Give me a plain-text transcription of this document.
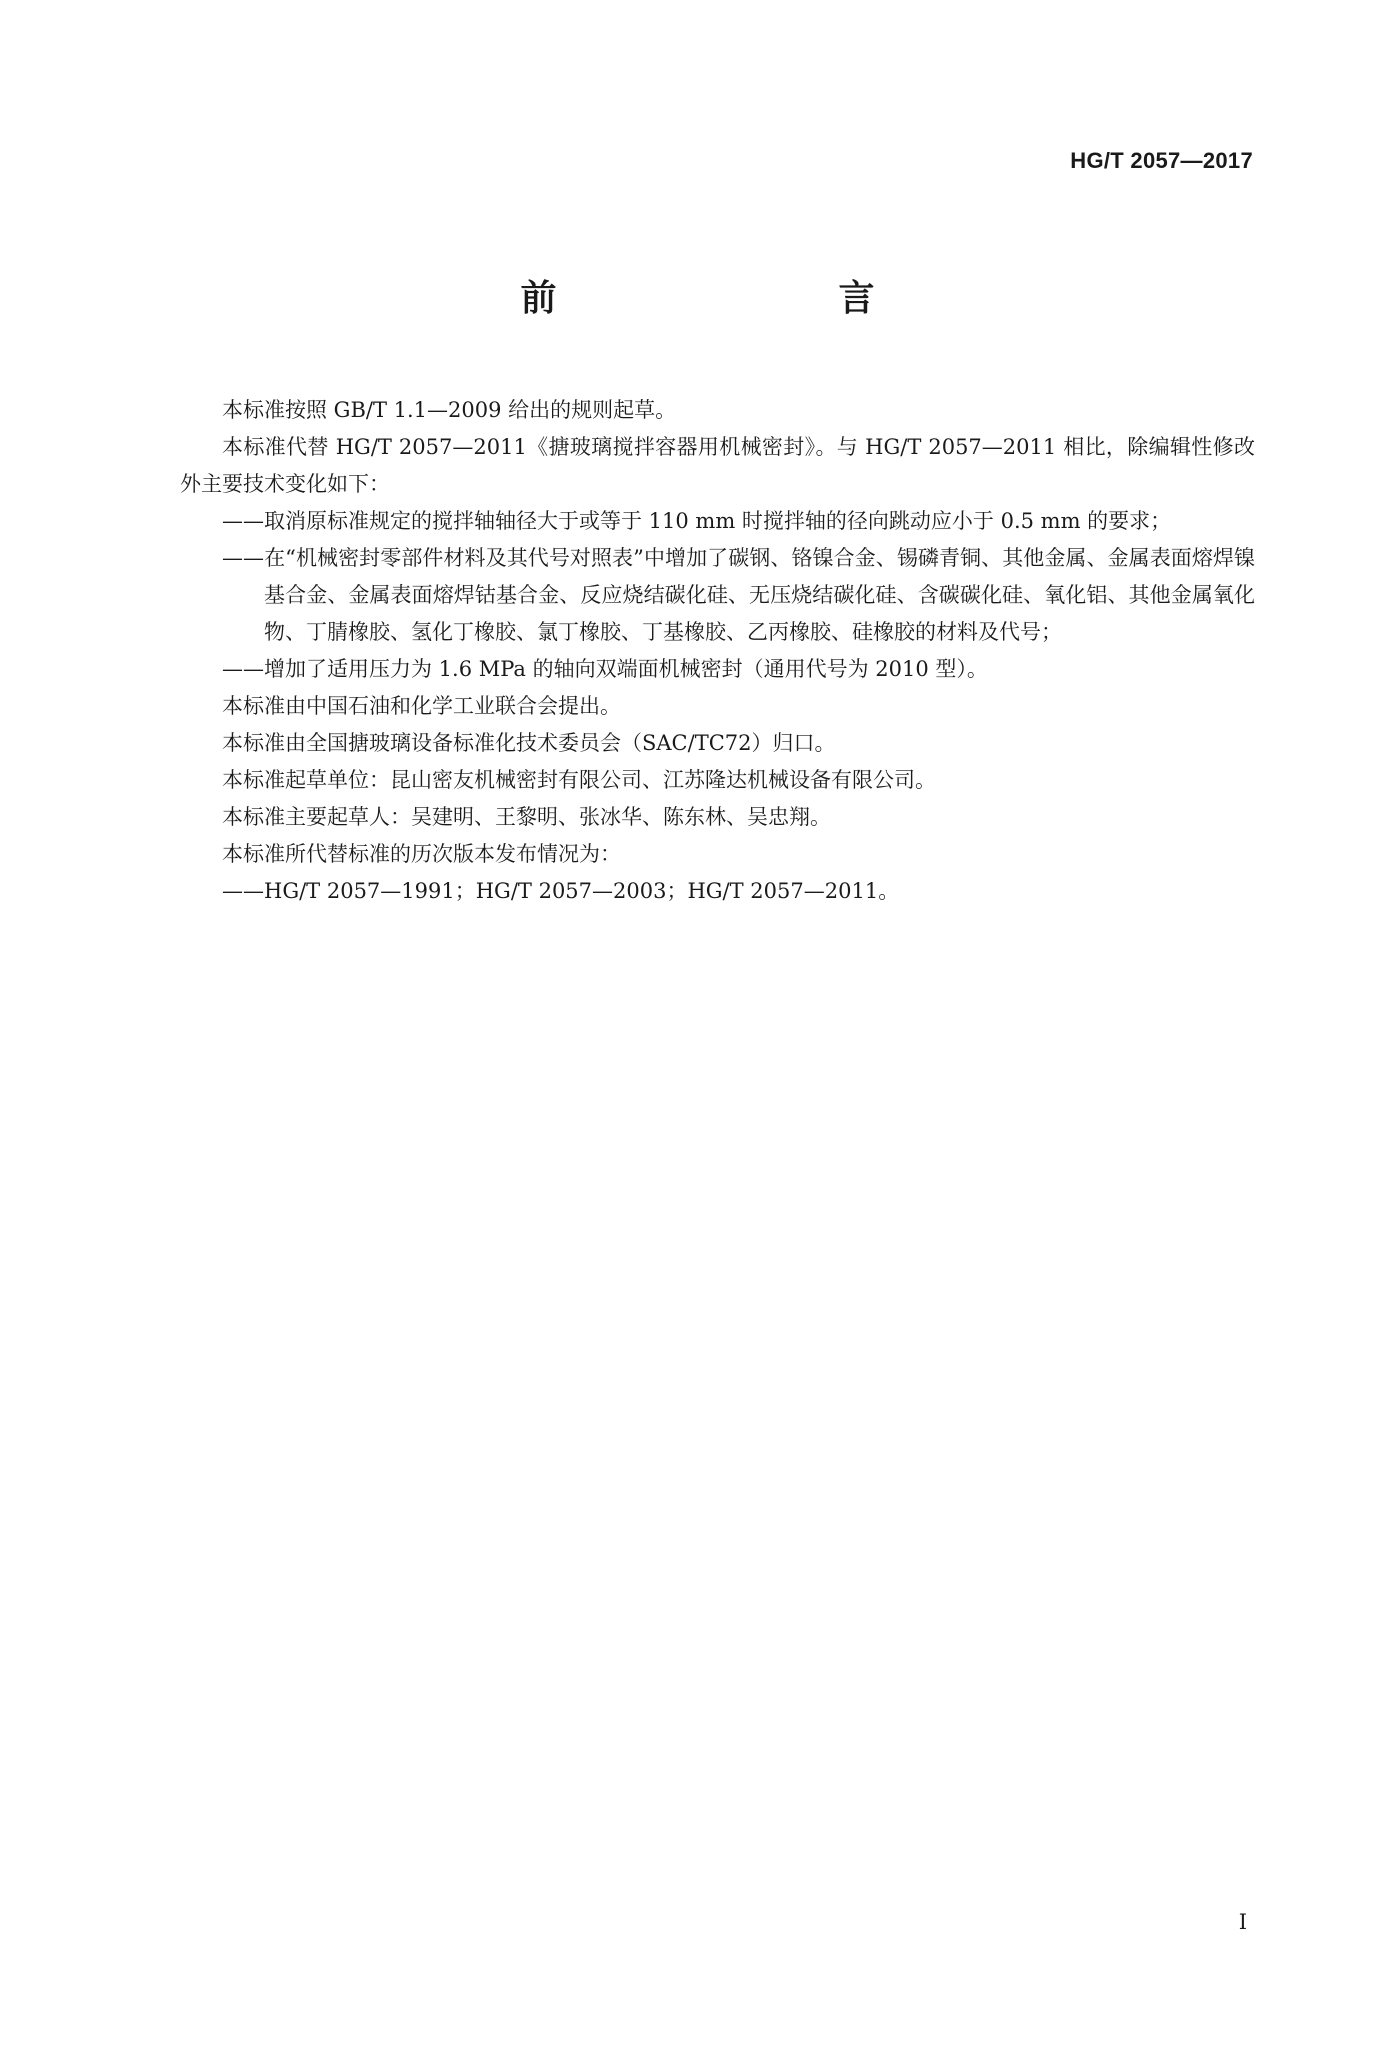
HG/T 2057—2017
前　　言

本标准按照 GB/T 1.1—2009 给出的规则起草。

本标准代替 HG/T 2057—2011《搪玻璃搅拌容器用机械密封》。与 HG/T 2057—2011 相比，除编辑性修改外主要技术变化如下：

——取消原标准规定的搅拌轴轴径大于或等于 110 mm 时搅拌轴的径向跳动应小于 0.5 mm 的要求；

——在“机械密封零部件材料及其代号对照表”中增加了碳钢、铬镍合金、锡磷青铜、其他金属、金属表面熔焊镍基合金、金属表面熔焊钴基合金、反应烧结碳化硅、无压烧结碳化硅、含碳碳化硅、氧化铝、其他金属氧化物、丁腈橡胶、氢化丁橡胶、氯丁橡胶、丁基橡胶、乙丙橡胶、硅橡胶的材料及代号；

——增加了适用压力为 1.6 MPa 的轴向双端面机械密封（通用代号为 2010 型）。

本标准由中国石油和化学工业联合会提出。

本标准由全国搪玻璃设备标准化技术委员会（SAC/TC72）归口。

本标准起草单位：昆山密友机械密封有限公司、江苏隆达机械设备有限公司。

本标准主要起草人：吴建明、王黎明、张冰华、陈东林、吴忠翔。

本标准所代替标准的历次版本发布情况为：

——HG/T 2057—1991；HG/T 2057—2003；HG/T 2057—2011。

I
